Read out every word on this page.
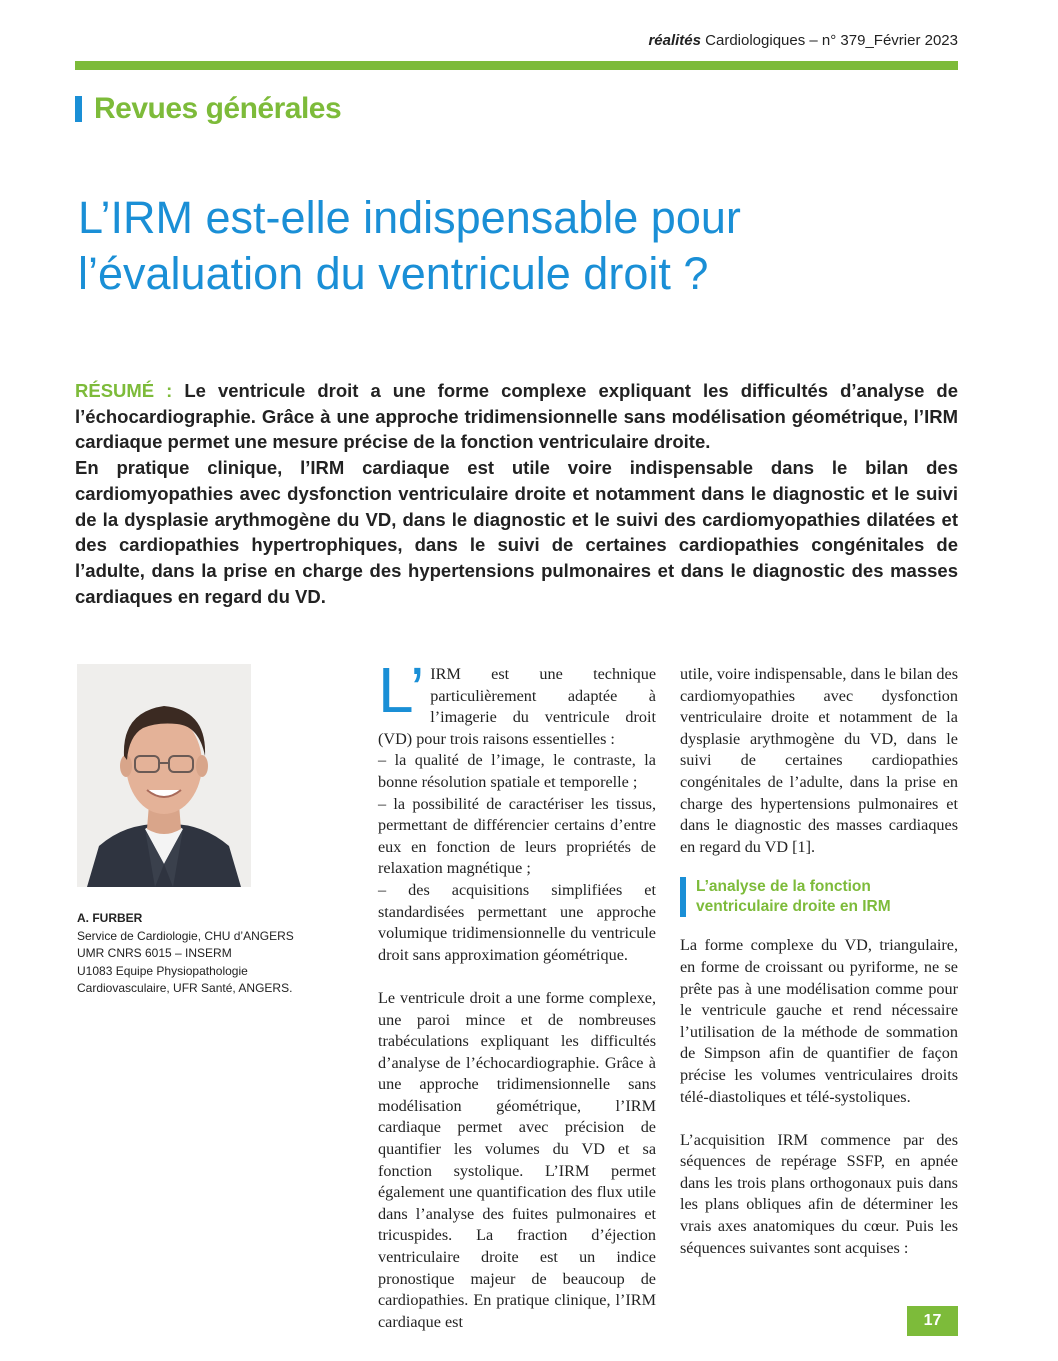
réalités Cardiologiques – n° 379_Février 2023
Revues générales
L’IRM est-elle indispensable pour
l’évaluation du ventricule droit ?

RÉSUMÉ : Le ventricule droit a une forme complexe expliquant les difficultés d’analyse de l’échocardiographie. Grâce à une approche tridimensionnelle sans modélisation géométrique, l’IRM cardiaque permet une mesure précise de la fonction ventriculaire droite.

En pratique clinique, l’IRM cardiaque est utile voire indispensable dans le bilan des cardiomyopathies avec dysfonction ventriculaire droite et notamment dans le diagnostic et le suivi de la dysplasie arythmogène du VD, dans le diagnostic et le suivi des cardiomyopathies dilatées et des cardiopathies hypertrophiques, dans le suivi de certaines cardiopathies congénitales de l’adulte, dans la prise en charge des hypertensions pulmonaires et dans le diagnostic des masses cardiaques en regard du VD.

A. FURBER
Service de Cardiologie, CHU d’ANGERS
UMR CNRS 6015 – INSERM
U1083 Equipe Physiopathologie
Cardiovasculaire, UFR Santé, ANGERS.
L’ IRM est une technique particulièrement adaptée à l’imagerie du ventricule droit (VD) pour trois raisons essentielles :

– la qualité de l’image, le contraste, la bonne résolution spatiale et temporelle ;

– la possibilité de caractériser les tissus, permettant de différencier certains d’entre eux en fonction de leurs propriétés de relaxation magnétique ;

– des acquisitions simplifiées et standardisées permettant une approche volumique tridimensionnelle du ventricule droit sans approximation géométrique.

Le ventricule droit a une forme complexe, une paroi mince et de nombreuses trabéculations expliquant les difficultés d’analyse de l’échocardiographie. Grâce à une approche tridimensionnelle sans modélisation géométrique, l’IRM cardiaque permet avec précision de quantifier les volumes du VD et sa fonction systolique. L’IRM permet également une quantification des flux utile dans l’analyse des fuites pulmonaires et tricuspides. La fraction d’éjection ventriculaire droite est un indice pronostique majeur de beaucoup de cardiopathies. En pratique clinique, l’IRM cardiaque est

utile, voire indispensable, dans le bilan des cardiomyopathies avec dysfonction ventriculaire droite et notamment de la dysplasie arythmogène du VD, dans le suivi de certaines cardiopathies congénitales de l’adulte, dans la prise en charge des hypertensions pulmonaires et dans le diagnostic des masses cardiaques en regard du VD [1].

L’analyse de la fonction ventriculaire droite en IRM

La forme complexe du VD, triangulaire, en forme de croissant ou pyriforme, ne se prête pas à une modélisation comme pour le ventricule gauche et rend nécessaire l’utilisation de la méthode de sommation de Simpson afin de quantifier de façon précise les volumes ventriculaires droits télé-diastoliques et télé-systoliques.

L’acquisition IRM commence par des séquences de repérage SSFP, en apnée dans les trois plans orthogonaux puis dans les plans obliques afin de déterminer les vrais axes anatomiques du cœur. Puis les séquences suivantes sont acquises :

17
